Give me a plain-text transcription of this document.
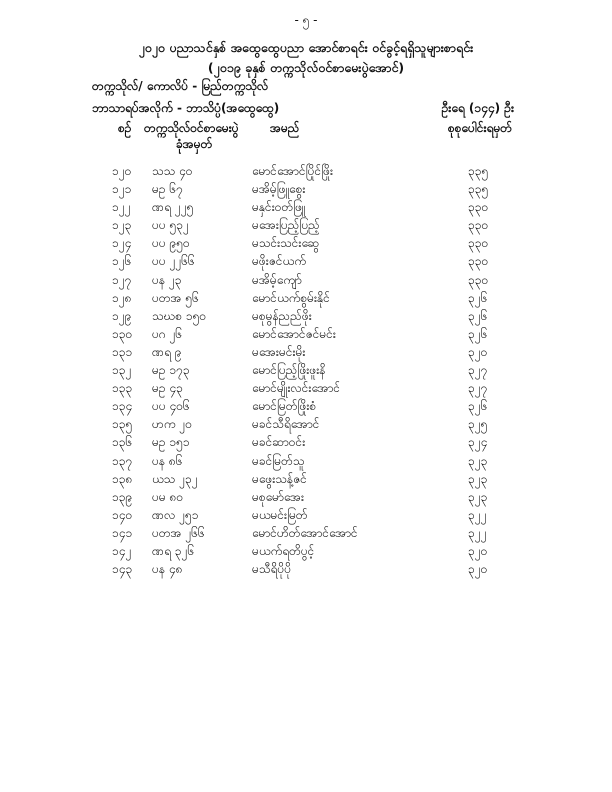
- ၅ -
၂၀၂၀ ပညာသင်နှစ် အထွေထွေပညာ အောင်စာရင်း ဝင်ခွင့်ရရှိသူများစာရင်း
(၂၀၁၉ ခုနှစ် တက္ကသိုလ်ဝင်စာမေးပွဲအောင်)
တက္ကသိုလ်/ ကောလိပ် - မြည်တက္ကသိုလ်
ဘာသာရပ်အလိုက် - ဘာသိပ္ပံ(အထွေထွေ)	ဦးရေ (၁၄၄) ဦး
စဉ် တက္ကသိုလ်ဝင်စာမေးပွဲ
ခုံအမှတ်
အမည်	စုစုပေါင်းရမှတ်
၁၂၀ သသ ၄၀	မောင်အောင်ပြိုင်ဖြိုး	၃၃၅
၁၂၁ မဥ ၆၇	မအိမ့်ဖြူစွေး	၃၃၅
၁၂၂ ဏရ ၂၂၅	မနှင်းဝတ်ဖြူ	၃၃၀
၁၂၃ ပပ ၅၃၂	မအေးပြည့်ပြည့်	၃၃၀
၁၂၄ ပပ ၉၅၀	မသင်းသင်းဆွေ	၃၃၀
၁၂၆ ပပ ၂၂၆၆	မဖိုးဇင်ယက်	၃၃၀
၁၂၇ ပန ၂၃	မအိမ့်ကျော်	၃၃၀
၁၂၈ ပတအ ၅၆	မောင်ယက်စွမ်းနိုင်	၃၂၆
၁၂၉ သဃစ ၁၅၀	မစုမွန်ညည်ဖိုး	၃၂၆
၁၃၀ ပဂ ၂၆	မောင်အောင်ဇင်မင်း	၃၂၆
၁၃၁ ဏရ ၉	မအေးမင်းမိုး	၃၂၀
၁၃၂ မဥ ၁၇၃	မောင်ပြည့်ဖြိုးဖူးနိ	၃၂၇
၁၃၃ မဥ ၄၃	မောင်မျိုးလင်းအောင်	၃၂၇
၁၃၄ ပပ ၄၀၆	မောင်မြတ်ဖြိုးစံ	၃၂၆
၁၃၅ ဟက ၂၀	မခင်သီရိအောင်	၃၂၅
၁၃၆ မဥ ၁၅၁	မခင်ဆာဝင်း	၃၂၄
၁၃၇ ပန ၈၆	မခင်မြတ်သူ	၃၂၃
၁၃၈ ယသ ၂၃၂	မဖွေးသန့်ဇင်	၃၂၃
၁၃၉ ပမ ၈၀	မစုမော်အေး	၃၂၃
၁၄၀ ဏလ ၂၅၁	မယမင်းမြတ်	၃၂၂
၁၄၁ ပတအ ၂၆၆	မောင်ဟိတ်အောင်အောင်	၃၂၂
၁၄၂ ဏရ ၃၂၆	မယက်ရတိပွင့်	၃၂၀
၁၄၃ ပန ၄၈	မသီရိပိုပို	၃၂၀
